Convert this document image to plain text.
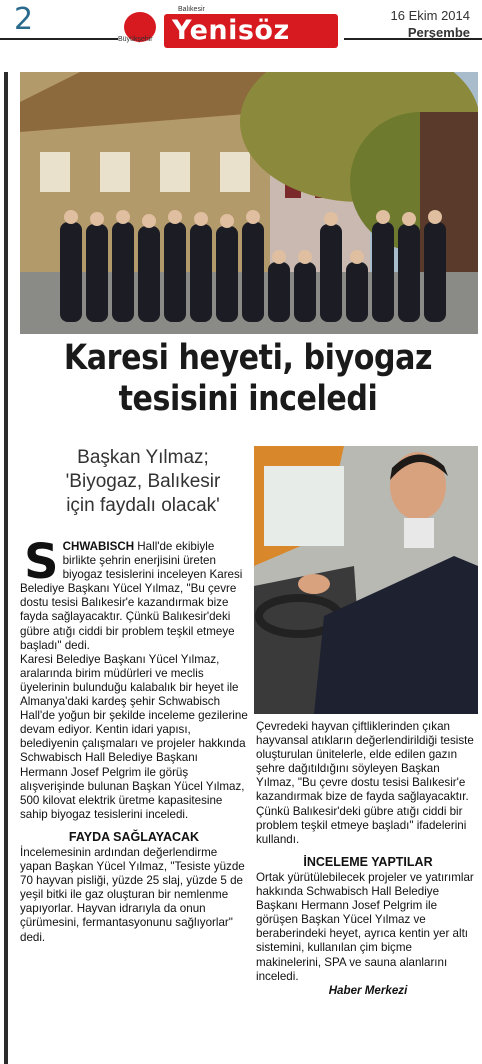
2	Balıkesir
Yenisöz
Büyükşehir
16 Ekim 2014
Perşembe
Karesi heyeti, biyogaz
tesisini inceledi
Başkan Yılmaz;
'Biyogaz, Balıkesir
için faydalı olacak'

SCHWABISCH Hall'de ekibiyle birlikte şehrin enerjisini üreten biyogaz tesislerini inceleyen Karesi Belediye Başkanı Yücel Yılmaz, "Bu çevre dostu tesisi Balıkesir'e kazandırmak bize fayda sağlayacaktır. Çünkü Balıkesir'deki gübre atığı ciddi bir problem teşkil etmeye başladı" dedi.

Karesi Belediye Başkanı Yücel Yılmaz, aralarında birim müdürleri ve meclis üyelerinin bulunduğu kalabalık bir heyet ile Almanya'daki kardeş şehir Schwabisch Hall'de yoğun bir şekilde inceleme gezilerine devam ediyor. Kentin idari yapısı, belediyenin çalışmaları ve projeler hakkında Schwabisch Hall Belediye Başkanı Hermann Josef Pelgrim ile görüş alışverişinde bulunan Başkan Yücel Yılmaz, 500 kilovat elektrik üretme kapasitesine sahip biyogaz tesislerini inceledi.

FAYDA SAĞLAYACAK

İncelemesinin ardından değerlendirme yapan Başkan Yücel Yılmaz, "Tesiste yüzde 70 hayvan pisliği, yüzde 25 slaj, yüzde 5 de yeşil bitki ile gaz oluşturan bir nemlenme yapıyorlar. Hayvan idrarıyla da onun çürümesini, fermantasyonunu sağlıyorlar" dedi.

Çevredeki hayvan çiftliklerinden çıkan hayvansal atıkların değerlendirildiği tesiste oluşturulan ünitelerle, elde edilen gazın şehre dağıtıldığını söyleyen Başkan Yılmaz, "Bu çevre dostu tesisi Balıkesir'e kazandırmak bize de fayda sağlayacaktır. Çünkü Balıkesir'deki gübre atığı ciddi bir problem teşkil etmeye başladı" ifadelerini kullandı.

İNCELEME YAPTILAR

Ortak yürütülebilecek projeler ve yatırımlar hakkında Schwabisch Hall Belediye Başkanı Hermann Josef Pelgrim ile görüşen Başkan Yücel Yılmaz ve beraberindeki heyet, ayrıca kentin yer altı sistemini, kullanılan çim biçme makinelerini, SPA ve sauna alanlarını inceledi.

Haber Merkezi
